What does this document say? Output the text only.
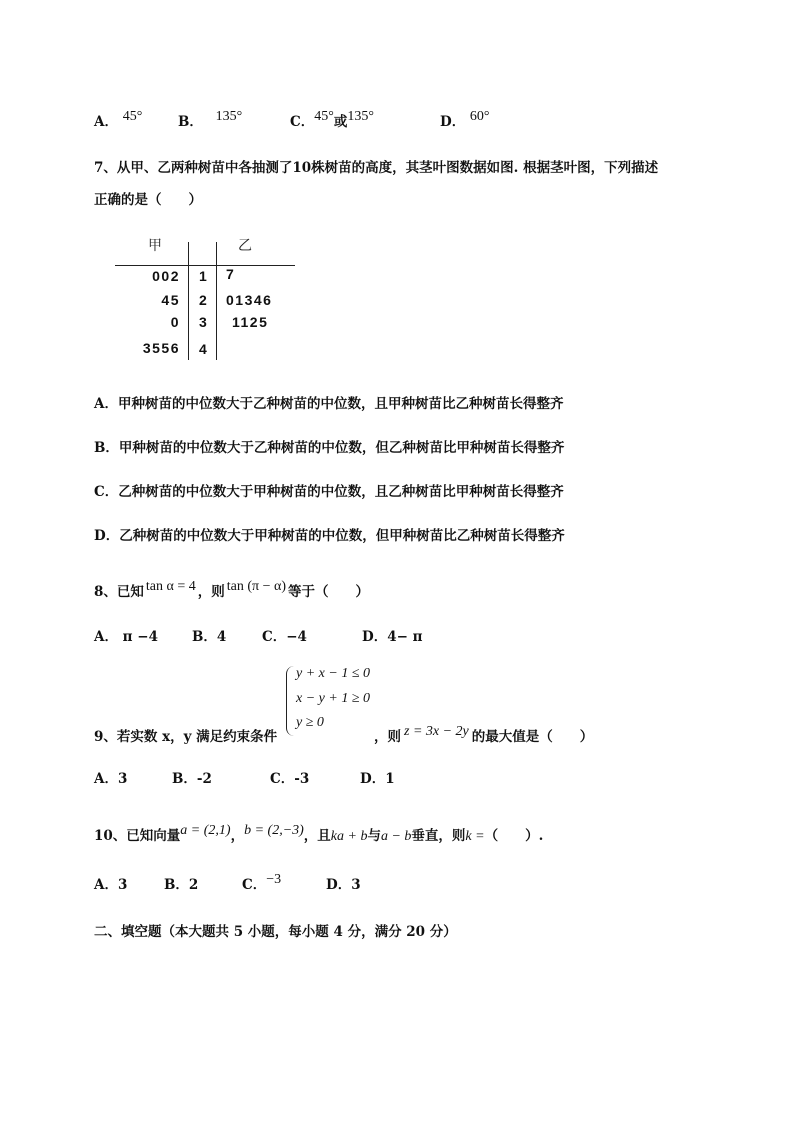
A． 45°	B． 135°	C．45°或135°	D． 60°
7、从甲、乙两种树苗中各抽测了10株树苗的高度，其茎叶图数据如图. 根据茎叶图，下列描述
正确的是（　　）
甲	乙
002 1 7
45 2 01346
0 3 1125
3556 4
A．甲种树苗的中位数大于乙种树苗的中位数，且甲种树苗比乙种树苗长得整齐
B．甲种树苗的中位数大于乙种树苗的中位数，但乙种树苗比甲种树苗长得整齐
C．乙种树苗的中位数大于甲种树苗的中位数，且乙种树苗比甲种树苗长得整齐
D．乙种树苗的中位数大于甲种树苗的中位数，但甲种树苗比乙种树苗长得整齐
8、已知 tan α = 4 ，则 tan (π − α) 等于（　　）
A． π −4	B．4	C．−4	D．4− π
9、若实数 x，y 满足约束条件
y + x − 1 ≤ 0
x − y + 1 ≥ 0
y ≥ 0
，则 z = 3x − 2y 的最大值是（　　）
A．3	B．-2	C．-3	D．1
10、已知向量a = (2,1)，b = (2,−3)，且ka + b与a − b垂直，则k =（　　）.
A．3	B．2	C．−3	D．3
二、填空题（本大题共 5 小题，每小题 4 分，满分 20 分）
